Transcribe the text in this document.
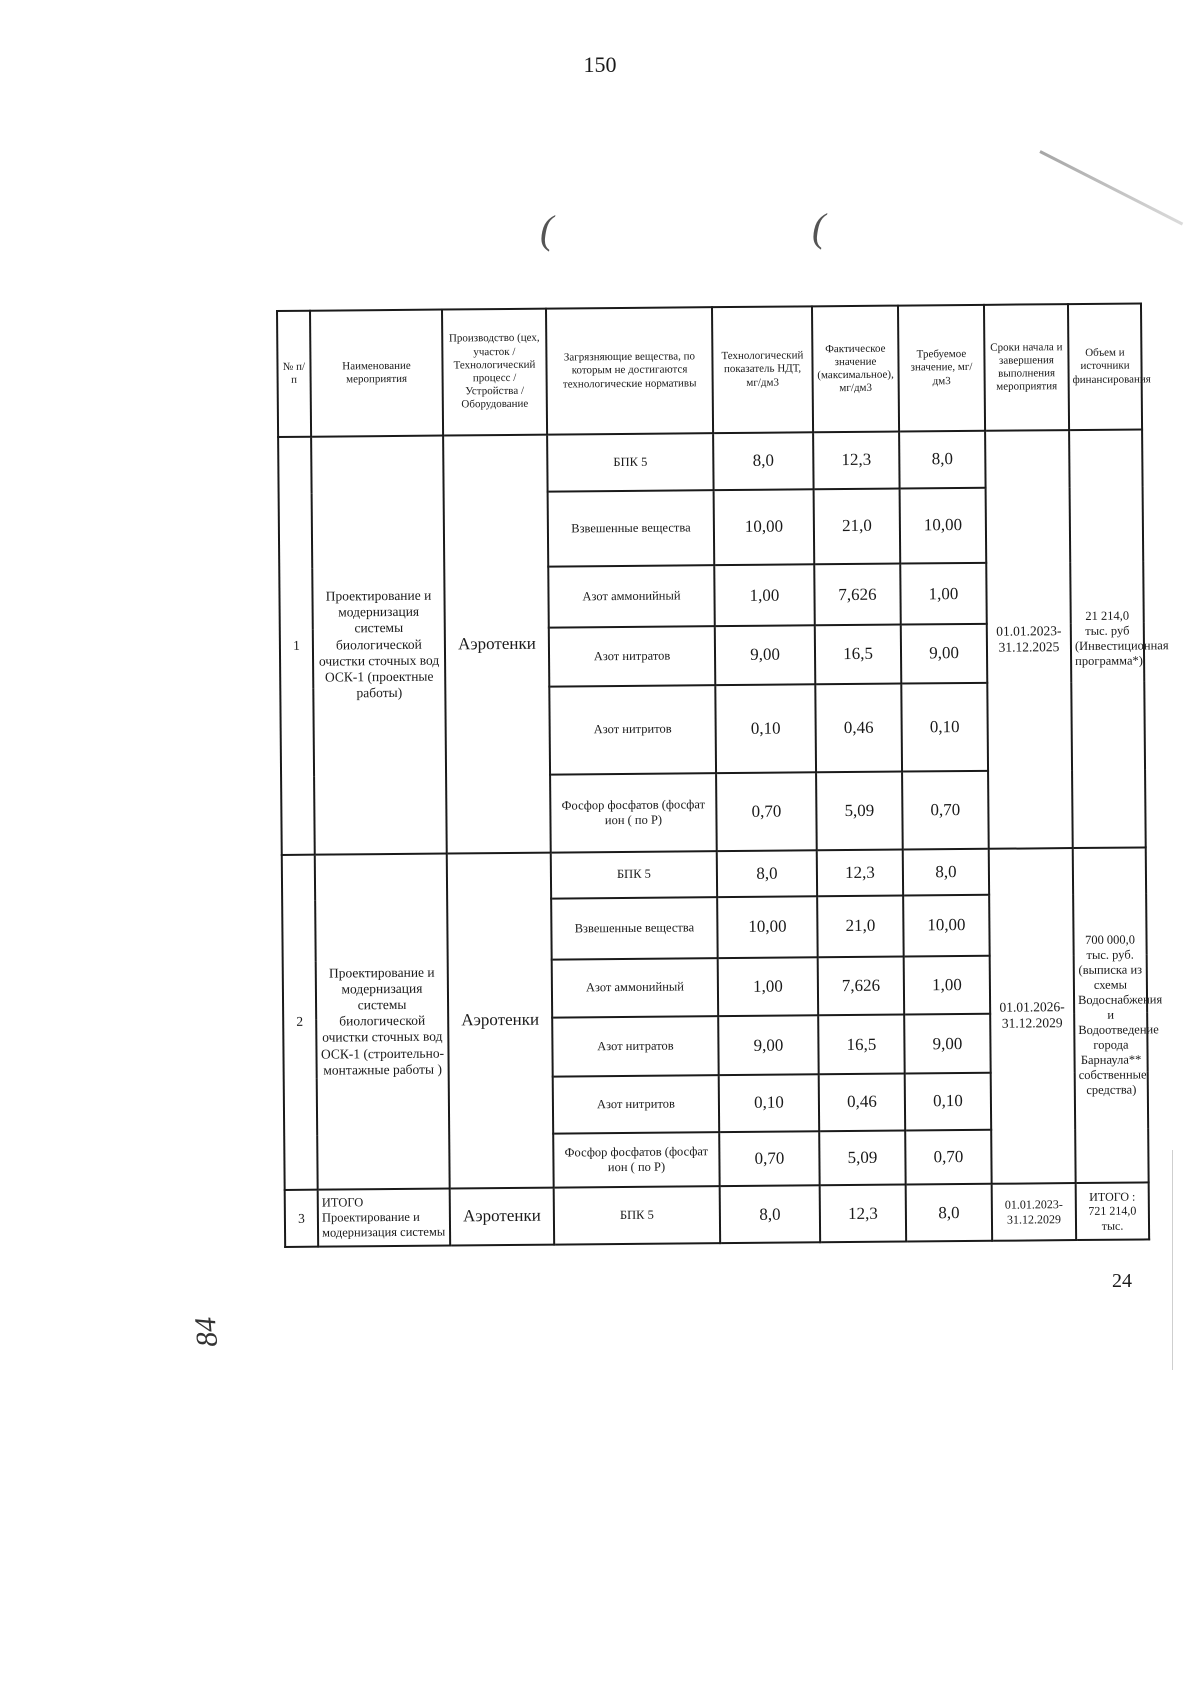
150
(	(
№ п/п	Наименование мероприятия	Производство (цех, участок / Технологический процесс / Устройства /Оборудование	Загрязняющие вещества, по которым не достигаются технологические нормативы	Технологический показатель НДТ, мг/дм3	Фактическое значение (максимальное), мг/дм3	Требуемое значение, мг/дм3	Сроки начала и завершения выполнения мероприятия	Объем и источники финансирования
1	Проектирование и модернизация системы биологической очистки сточных вод ОСК-1 (проектные работы)	Аэротенки	БПК 5	8,0	12,3	8,0	01.01.2023-31.12.2025	21 214,0 тыс. руб (Инвестиционная программа*)
			Взвешенные вещества	10,00	21,0	10,00		
			Азот аммонийный	1,00	7,626	1,00		
			Азот нитратов	9,00	16,5	9,00		
			Азот нитритов	0,10	0,46	0,10		
			Фосфор фосфатов (фосфат ион ( по P)	0,70	5,09	0,70		
2	Проектирование и модернизация системы биологической очистки сточных вод ОСК-1 (строительно-монтажные работы )	Аэротенки	БПК 5	8,0	12,3	8,0	01.01.2026-31.12.2029	700 000,0 тыс. руб. (выписка из схемы Водоснабжения и Водоотведение города Барнаула** собственные средства)
			Взвешенные вещества	10,00	21,0	10,00		
			Азот аммонийный	1,00	7,626	1,00		
			Азот нитратов	9,00	16,5	9,00		
			Азот нитритов	0,10	0,46	0,10		
			Фосфор фосфатов (фосфат ион ( по P)	0,70	5,09	0,70		
3	ИТОГО Проектирование и модернизация системы	Аэротенки	БПК 5	8,0	12,3	8,0	01.01.2023-31.12.2029	ИТОГО : 721 214,0 тыс.
24
84
